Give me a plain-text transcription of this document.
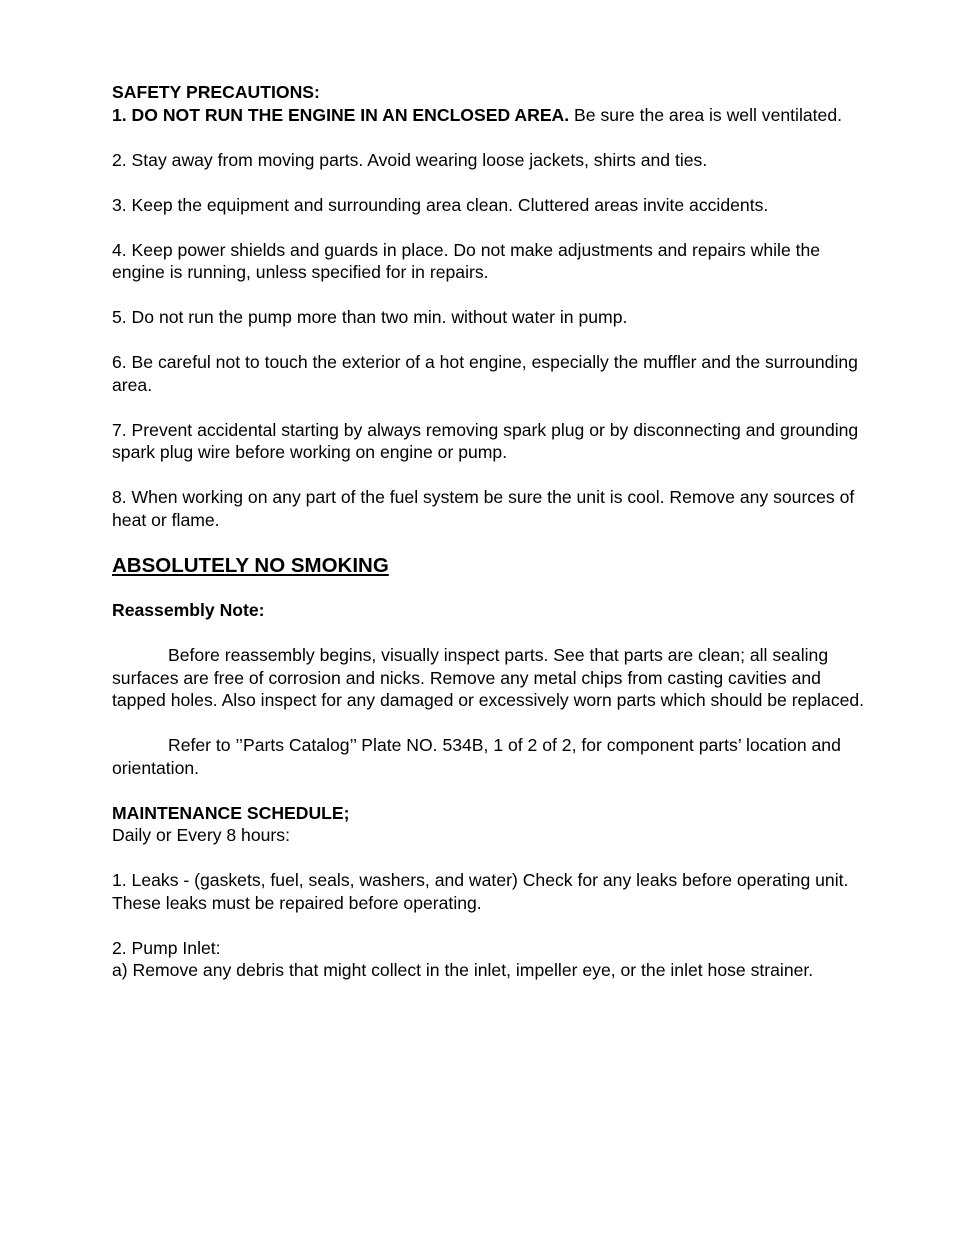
SAFETY PRECAUTIONS:

1. DO NOT RUN THE ENGINE IN AN ENCLOSED AREA. Be sure the area is well ventilated.

2. Stay away from moving parts. Avoid wearing loose jackets, shirts and ties.

3. Keep the equipment and surrounding area clean. Cluttered areas invite accidents.

4. Keep power shields and guards in place. Do not make adjustments and repairs while the engine is running, unless specified for in repairs.

5. Do not run the pump more than two min. without water in pump.

6. Be careful not to touch the exterior of a hot engine, especially the muffler and the surrounding area.

7. Prevent accidental starting by always removing spark plug or by disconnecting and grounding spark plug wire before working on engine or pump.

8. When working on any part of the fuel system be sure the unit is cool. Remove any sources of heat or flame.

ABSOLUTELY NO SMOKING

Reassembly Note:

Before reassembly begins, visually inspect parts. See that parts are clean; all sealing surfaces are free of corrosion and nicks. Remove any metal chips from casting cavities and tapped holes. Also inspect for any damaged or excessively worn parts which should be replaced.

Refer to ’’Parts Catalog’’ Plate NO. 534B, 1 of 2 of 2, for component parts’ location and orientation.

MAINTENANCE SCHEDULE;

Daily or Every 8 hours:

1. Leaks - (gaskets, fuel, seals, washers, and water) Check for any leaks before operating unit. These leaks must be repaired before operating.

2. Pump Inlet:

a) Remove any debris that might collect in the inlet, impeller eye, or the inlet hose strainer.
